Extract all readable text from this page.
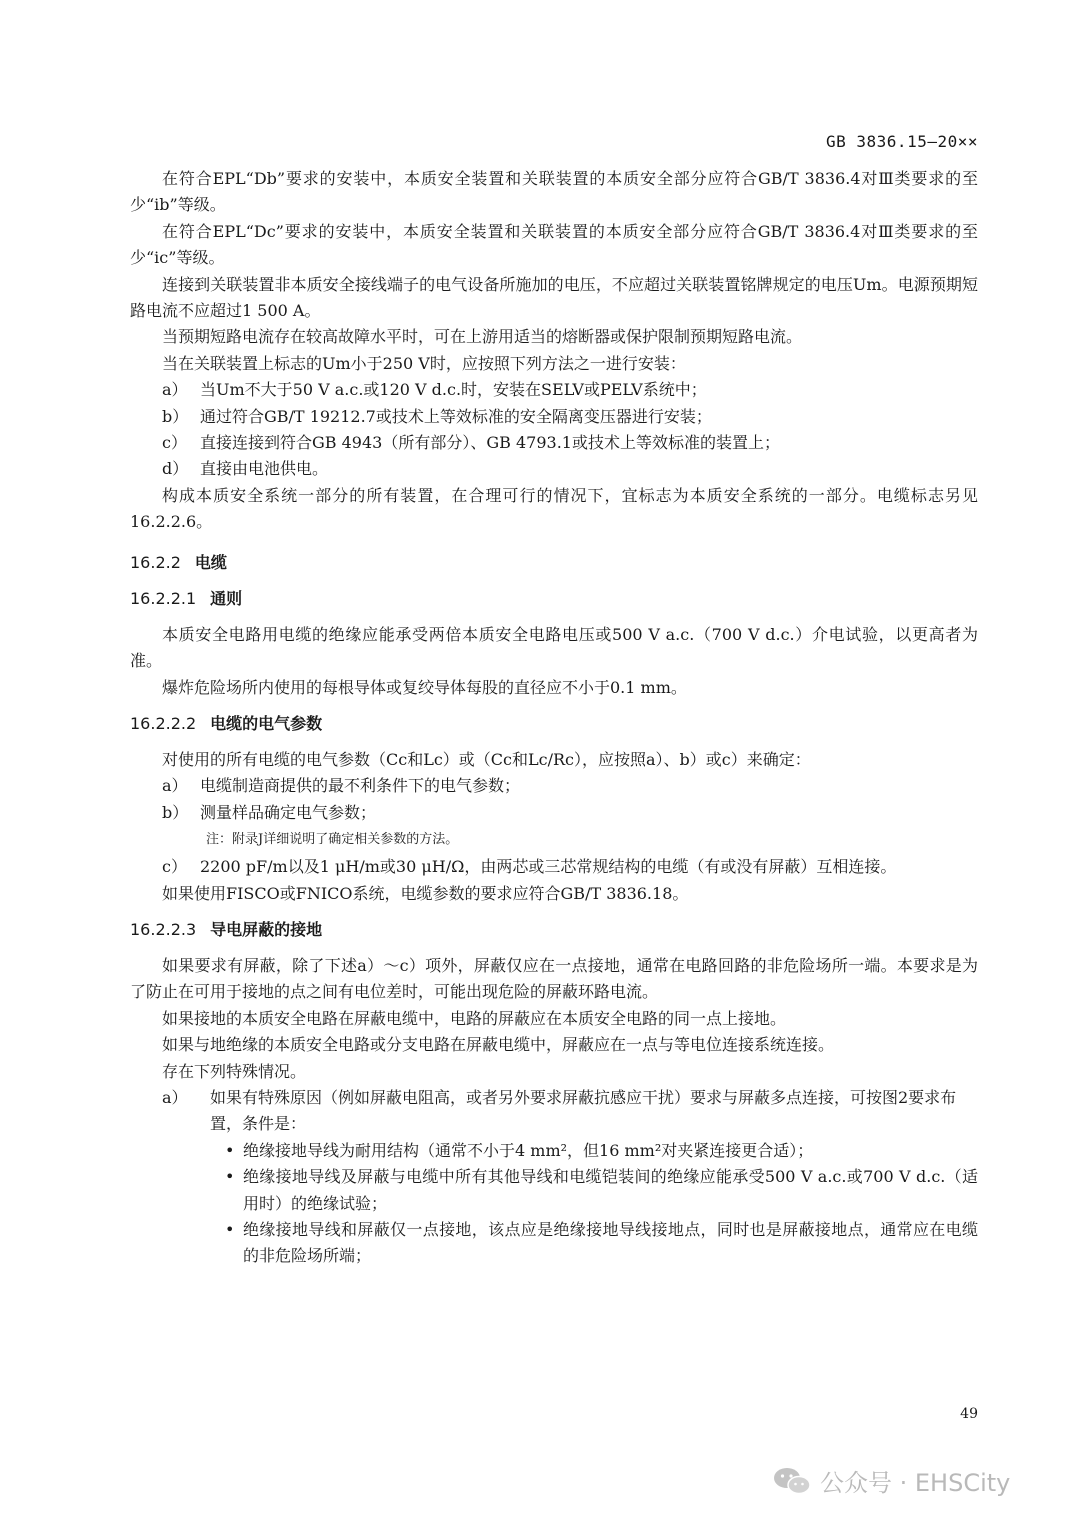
GB 3836.15—20××

在符合EPL“Db”要求的安装中，本质安全装置和关联装置的本质安全部分应符合GB/T 3836.4对Ⅲ类要求的至少“ib”等级。

在符合EPL“Dc”要求的安装中，本质安全装置和关联装置的本质安全部分应符合GB/T 3836.4对Ⅲ类要求的至少“ic”等级。

连接到关联装置非本质安全接线端子的电气设备所施加的电压，不应超过关联装置铭牌规定的电压Um。电源预期短路电流不应超过1 500 A。

当预期短路电流存在较高故障水平时，可在上游用适当的熔断器或保护限制预期短路电流。

当在关联装置上标志的Um小于250 V时，应按照下列方法之一进行安装：

a） 当Um不大于50 V a.c.或120 V d.c.时，安装在SELV或PELV系统中；
b） 通过符合GB/T 19212.7或技术上等效标准的安全隔离变压器进行安装；
c） 直接连接到符合GB 4943（所有部分）、GB 4793.1或技术上等效标准的装置上；
d） 直接由电池供电。

构成本质安全系统一部分的所有装置，在合理可行的情况下，宜标志为本质安全系统的一部分。电缆标志另见16.2.2.6。

16.2.2 电缆
16.2.2.1 通则

本质安全电路用电缆的绝缘应能承受两倍本质安全电路电压或500 V a.c.（700 V d.c.）介电试验，以更高者为准。

爆炸危险场所内使用的每根导体或复绞导体每股的直径应不小于0.1 mm。

16.2.2.2 电缆的电气参数

对使用的所有电缆的电气参数（Cc和Lc）或（Cc和Lc/Rc），应按照a）、b）或c）来确定：

a） 电缆制造商提供的最不利条件下的电气参数；
b） 测量样品确定电气参数；

注：附录J详细说明了确定相关参数的方法。

c） 2200 pF/m以及1 μH/m或30 μH/Ω，由两芯或三芯常规结构的电缆（有或没有屏蔽）互相连接。

如果使用FISCO或FNICO系统，电缆参数的要求应符合GB/T 3836.18。

16.2.2.3 导电屏蔽的接地

如果要求有屏蔽，除了下述a）～c）项外，屏蔽仅应在一点接地，通常在电路回路的非危险场所一端。本要求是为了防止在可用于接地的点之间有电位差时，可能出现危险的屏蔽环路电流。

如果接地的本质安全电路在屏蔽电缆中，电路的屏蔽应在本质安全电路的同一点上接地。

如果与地绝缘的本质安全电路或分支电路在屏蔽电缆中，屏蔽应在一点与等电位连接系统连接。

存在下列特殊情况。

a）	如果有特殊原因（例如屏蔽电阻高，或者另外要求屏蔽抗感应干扰）要求与屏蔽多点连接，可按图2要求布置，条件是：
• 绝缘接地导线为耐用结构（通常不小于4 mm²，但16 mm²对夹紧连接更合适）；
• 绝缘接地导线及屏蔽与电缆中所有其他导线和电缆铠装间的绝缘应能承受500 V a.c.或700 V d.c.（适用时）的绝缘试验；
• 绝缘接地导线和屏蔽仅一点接地，该点应是绝缘接地导线接地点，同时也是屏蔽接地点，通常应在电缆的非危险场所端；
49
公众号 · EHSCity
